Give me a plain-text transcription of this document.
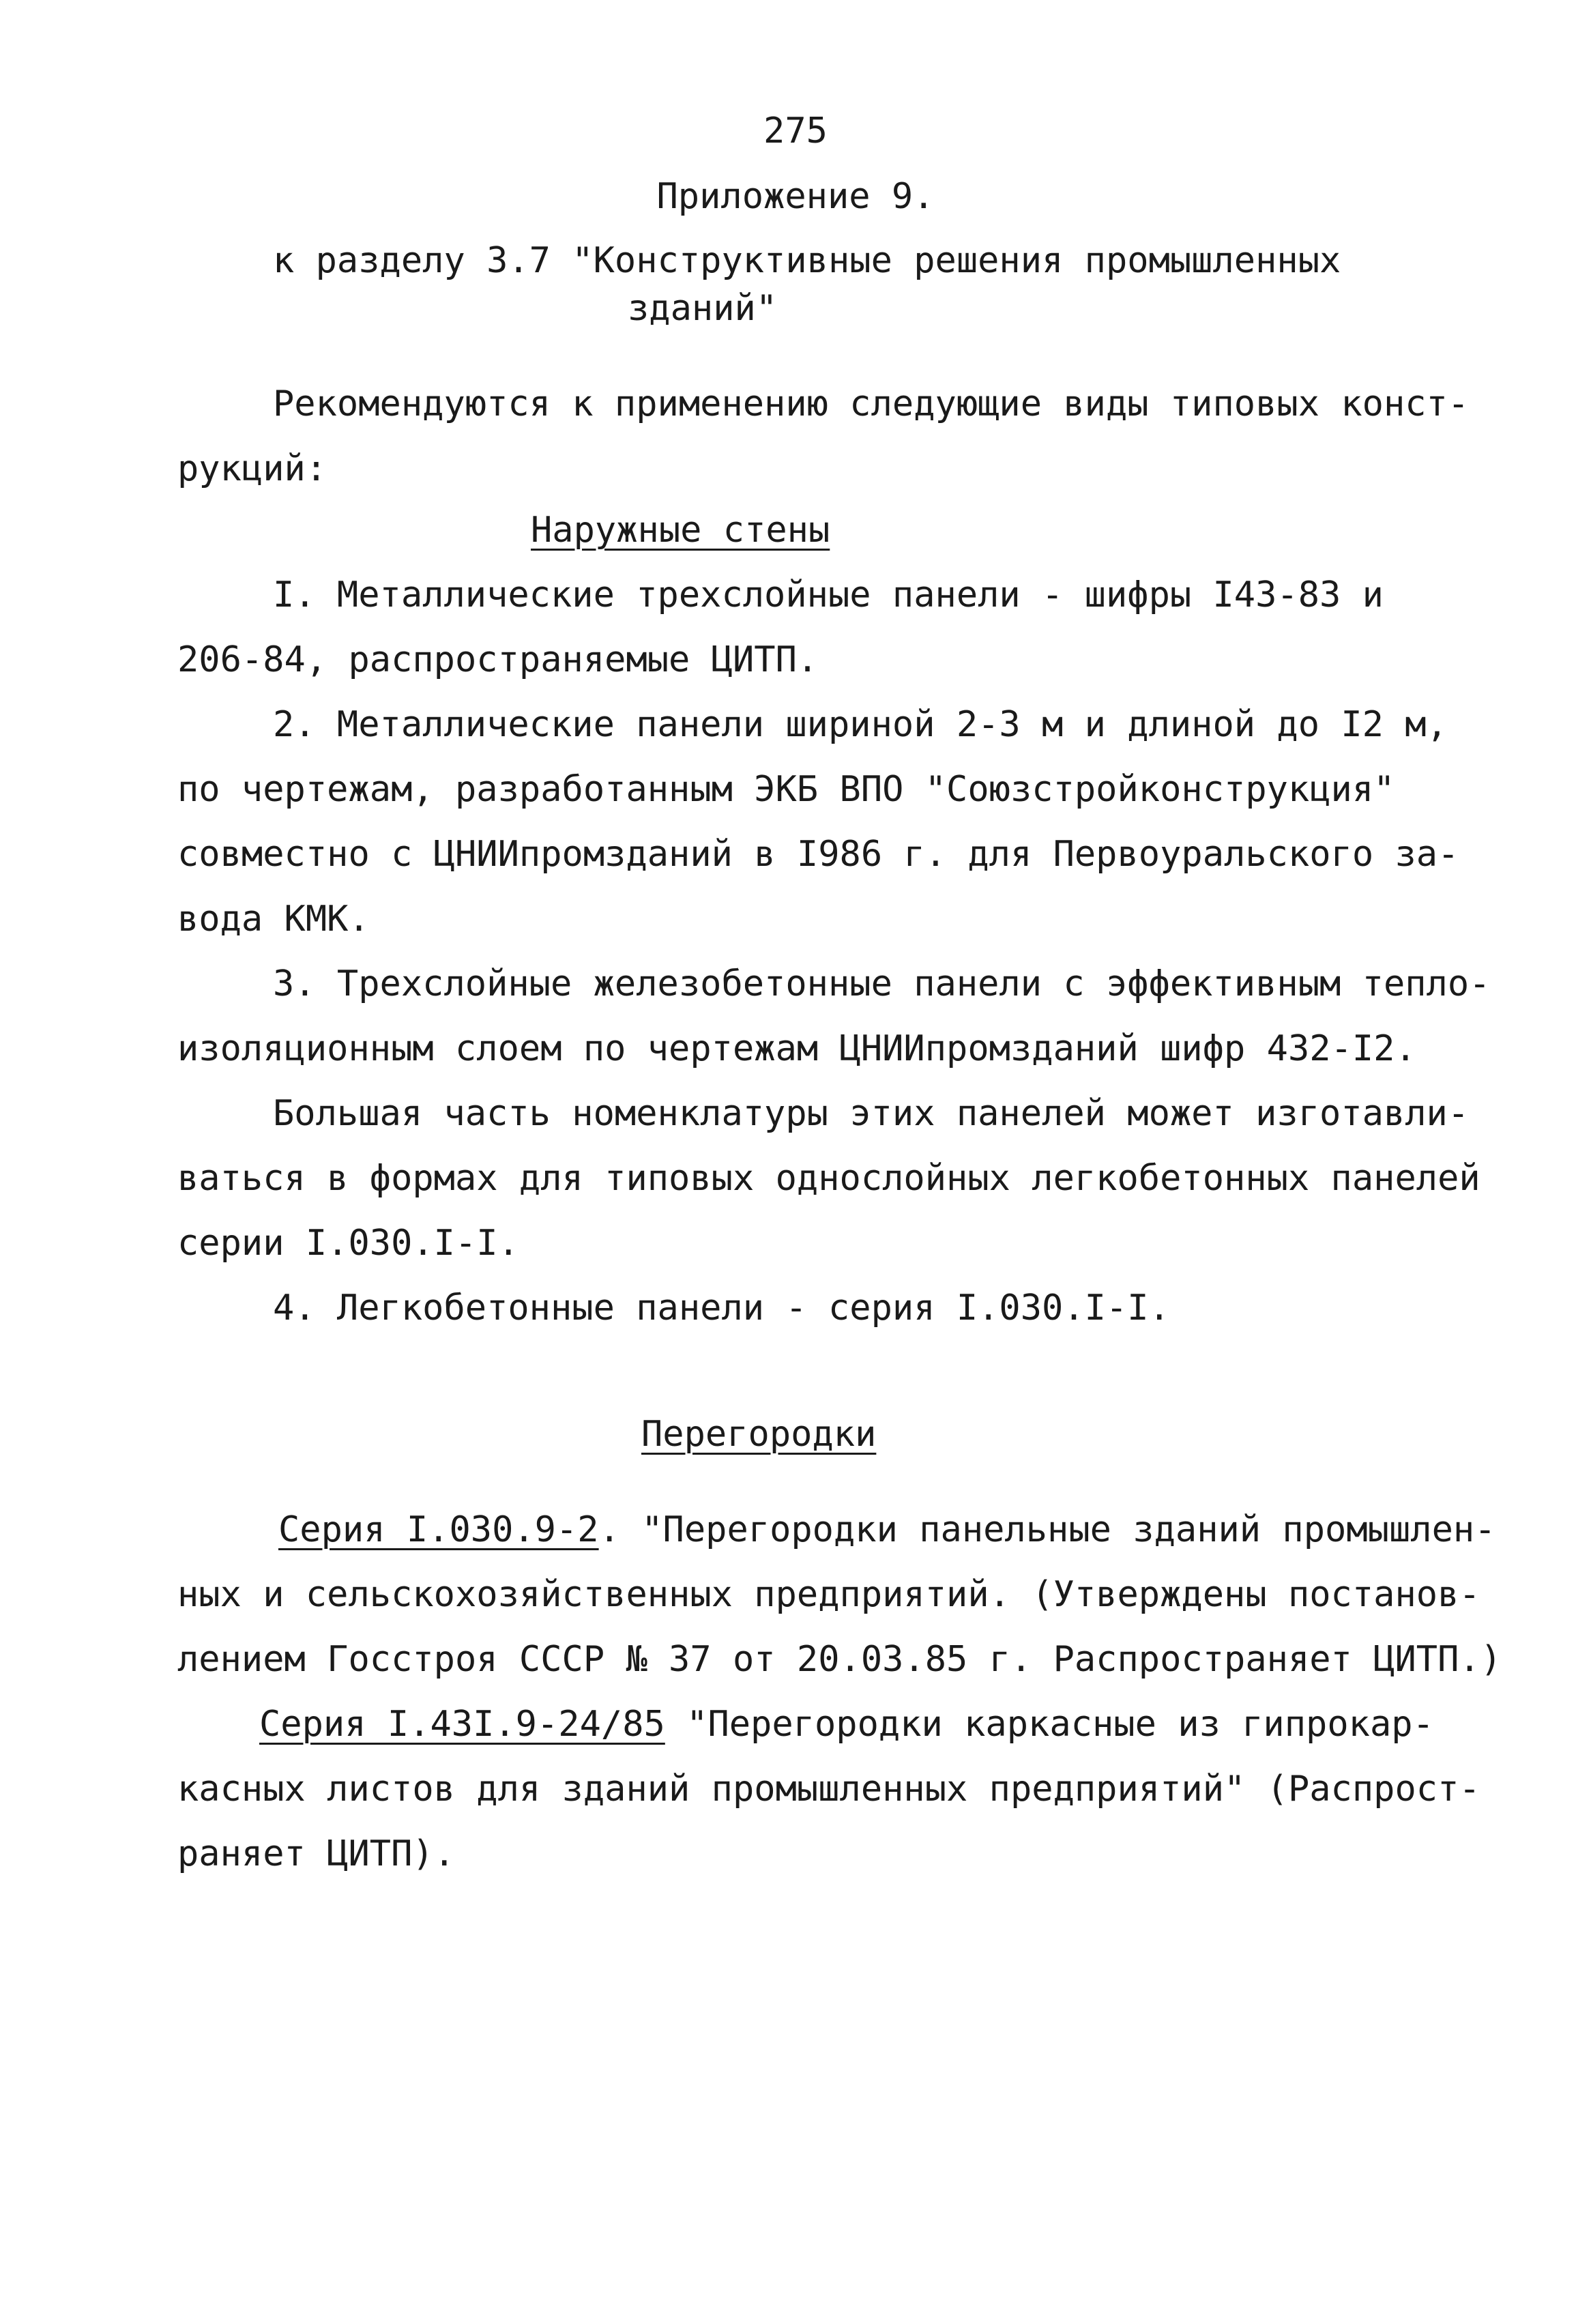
275

Приложение 9.

к разделу 3.7 "Конструктивные решения промышленных

зданий"

Рекомендуются к применению следующие виды типовых конст-

рукций:

Наружные стены

I. Металлические трехслойные панели - шифры I43-83 и

206-84, распространяемые ЦИТП.

2. Металлические панели шириной 2-3 м и длиной до I2 м,

по чертежам, разработанным ЭКБ ВПО "Союзстройконструкция"

совместно с ЦНИИпромзданий в I986 г. для Первоуральского за-

вода КМК.

3. Трехслойные железобетонные панели с эффективным тепло-

изоляционным слоем по чертежам ЦНИИпромзданий шифр 432-I2.

Большая часть номенклатуры этих панелей может изготавли-

ваться в формах для типовых однослойных легкобетонных панелей

серии I.030.I-I.

4. Легкобетонные панели - серия I.030.I-I.

Перегородки

Серия I.030.9-2. "Перегородки панельные зданий промышлен-

ных и сельскохозяйственных предприятий. (Утверждены постанов-

лением Госстроя СССР № 37 от 20.03.85 г. Распространяет ЦИТП.)

Серия I.43I.9-24/85 "Перегородки каркасные из гипрокар-

касных листов для зданий промышленных предприятий" (Распрост-

раняет ЦИТП).
